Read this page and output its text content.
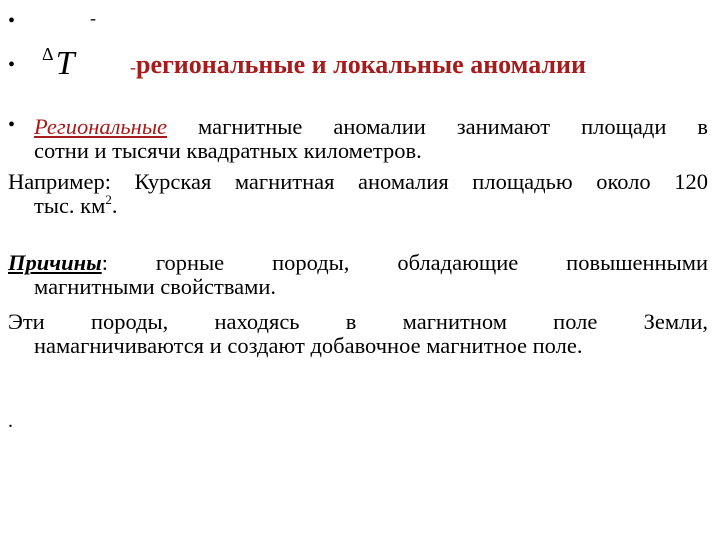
•
•
•
-
$^\Delta$T	-региональные и локальные аномалии
Региональные магнитные аномалии занимают площади в
сотни и тысячи квадратных километров.
Например: Курская магнитная аномалия площадью около 120
тыс. $км^2$.
Причины: горные породы, обладающие повышенными
магнитными свойствами.
Эти породы, находясь в магнитном поле Земли,
намагничиваются и создают добавочное магнитное поле.
.
